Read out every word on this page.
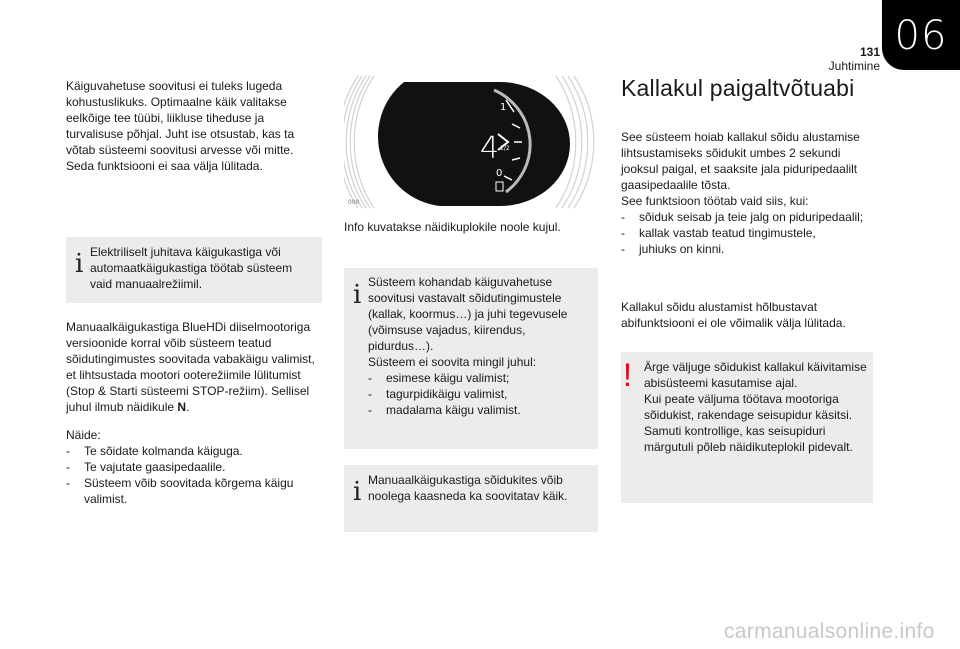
06
131
Juhtimine

Käiguvahetuse soovitusi ei tuleks lugeda kohustuslikuks. Optimaalne käik valitakse eelkõige tee tüübi, liikluse tiheduse ja turvalisuse põhjal. Juht ise otsustab, kas ta võtab süsteemi soovitusi arvesse või mitte. Seda funktsiooni ei saa välja lülitada.

i Elektriliselt juhitava käigukastiga või automaatkäigukastiga töötab süsteem vaid manuaalrežiimil.

Manuaalkäigukastiga BlueHDi diiselmootoriga versioonide korral võib süsteem teatud sõidutingimustes soovitada vabakäigu valimist, et lihtsustada mootori ooterežiimile lülitumist (Stop & Starti süsteemi STOP-režiim). Sellisel juhul ilmub näidikule N.

Näide:
- Te sõidate kolmanda käiguga.
- Te vajutate gaasipedaalile.
- Süsteem võib soovitada kõrgema käigu valimist.
4
1
1/2
0
000

Info kuvatakse näidikuplokile noole kujul.

i Süsteem kohandab käiguvahetuse soovitusi vastavalt sõidutingimustele (kallak, koormus…) ja juhi tegevusele (võimsuse vajadus, kiirendus, pidurdus…).
Süsteem ei soovita mingil juhul:
- esimese käigu valimist;
- tagurpidikäigu valimist,
- madalama käigu valimist.
i Manuaalkäigukastiga sõidukites võib noolega kaasneda ka soovitatav käik.
Kallakul paigaltvõtuabi
See süsteem hoiab kallakul sõidu alustamise lihtsustamiseks sõidukit umbes 2 sekundi jooksul paigal, et saaksite jala piduripedaalilt gaasipedaalile tõsta.
See funktsioon töötab vaid siis, kui:
- sõiduk seisab ja teie jalg on piduripedaalil;
- kallak vastab teatud tingimustele,
- juhiuks on kinni.

Kallakul sõidu alustamist hõlbustavat abifunktsiooni ei ole võimalik välja lülitada.

! Ärge väljuge sõidukist kallakul käivitamise abisüsteemi kasutamise ajal.
Kui peate väljuma töötava mootoriga sõidukist, rakendage seisupidur käsitsi. Samuti kontrollige, kas seisupiduri märgutuli põleb näidikuteplokil pidevalt.
carmanualsonline.info
